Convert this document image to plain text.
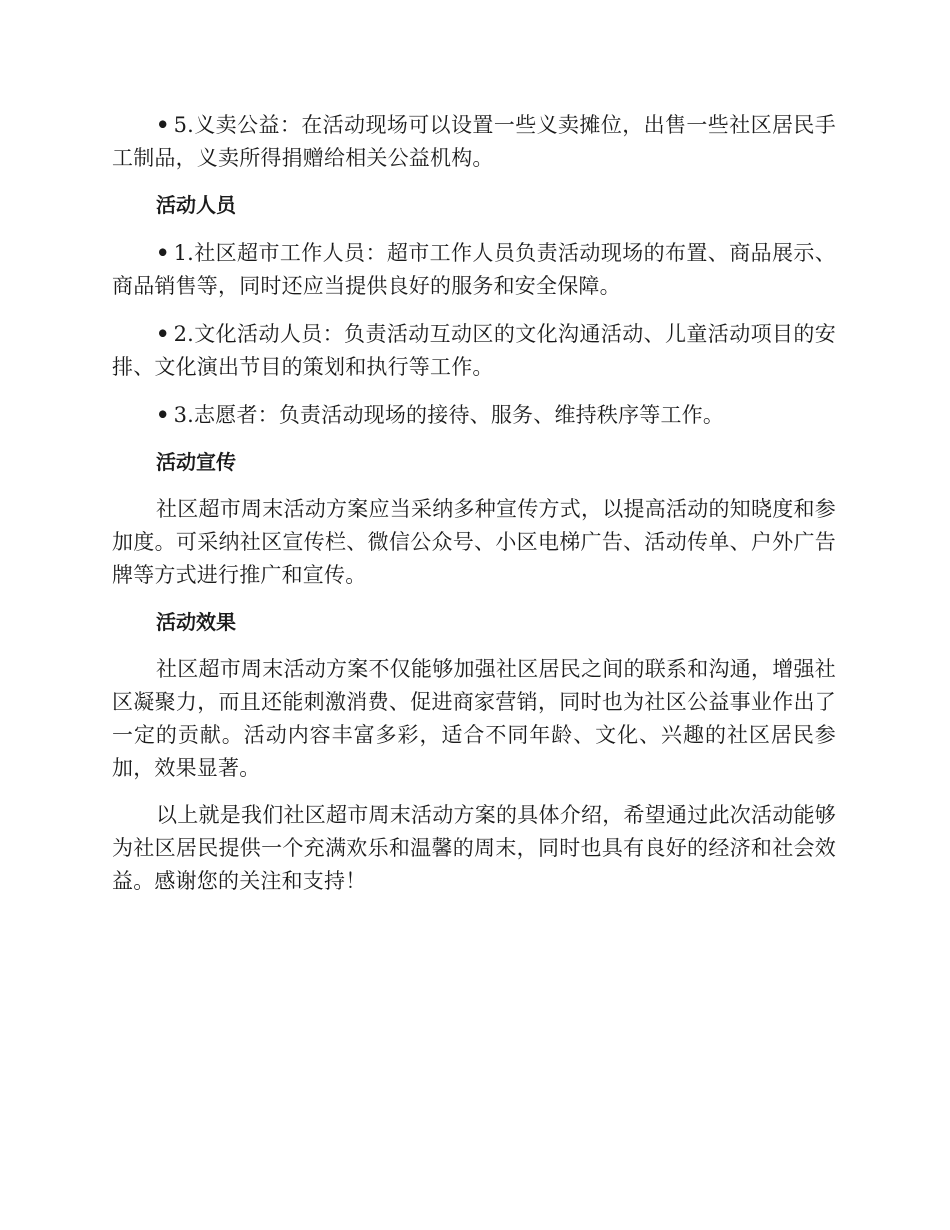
• 5.义卖公益：在活动现场可以设置一些义卖摊位，出售一些社区居民手工制品，义卖所得捐赠给相关公益机构。

活动人员

• 1.社区超市工作人员：超市工作人员负责活动现场的布置、商品展示、商品销售等，同时还应当提供良好的服务和安全保障。

• 2.文化活动人员：负责活动互动区的文化沟通活动、儿童活动项目的安排、文化演出节目的策划和执行等工作。

• 3.志愿者：负责活动现场的接待、服务、维持秩序等工作。

活动宣传

社区超市周末活动方案应当采纳多种宣传方式，以提高活动的知晓度和参加度。可采纳社区宣传栏、微信公众号、小区电梯广告、活动传单、户外广告牌等方式进行推广和宣传。

活动效果

社区超市周末活动方案不仅能够加强社区居民之间的联系和沟通，增强社区凝聚力，而且还能刺激消费、促进商家营销，同时也为社区公益事业作出了一定的贡献。活动内容丰富多彩，适合不同年龄、文化、兴趣的社区居民参加，效果显著。

以上就是我们社区超市周末活动方案的具体介绍，希望通过此次活动能够为社区居民提供一个充满欢乐和温馨的周末，同时也具有良好的经济和社会效益。感谢您的关注和支持！
